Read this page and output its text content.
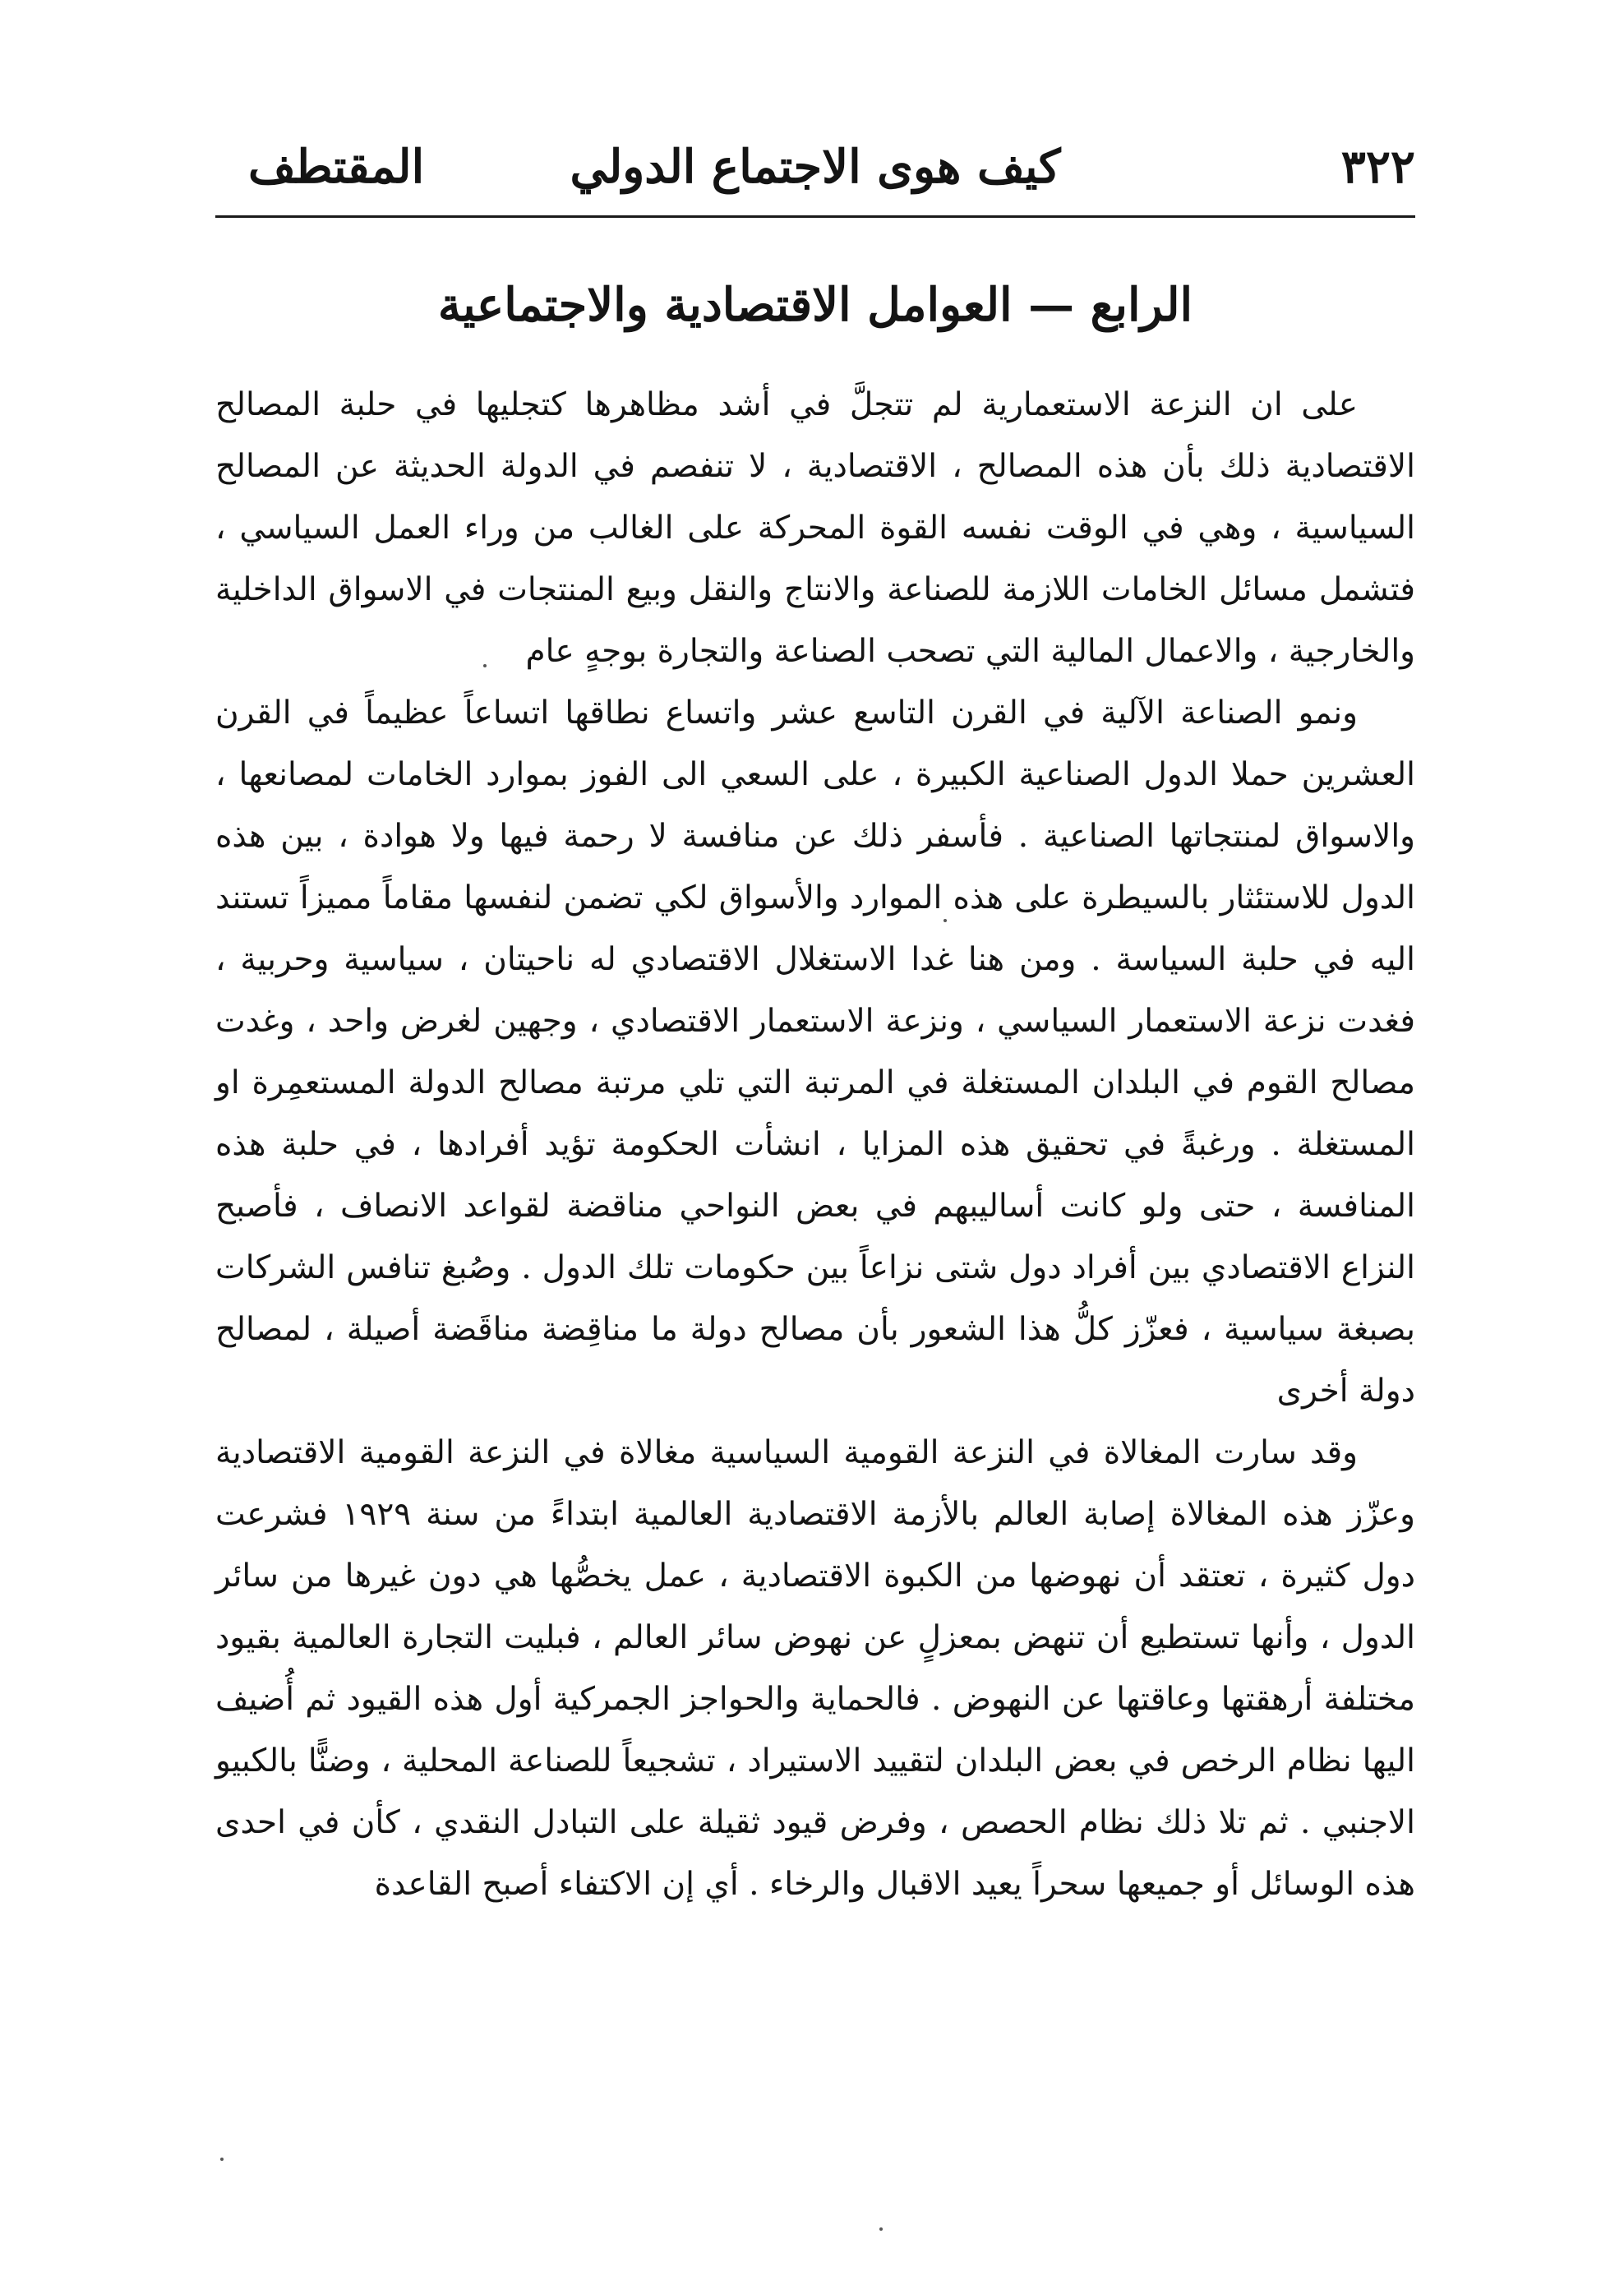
٣٢٢
كيف هوى الاجتماع الدولي
المقتطف
الرابع — العوامل الاقتصادية والاجتماعية

على ان النزعة الاستعمارية لم تتجلَّ في أشد مظاهرها كتجليها في حلبة المصالح الاقتصادية ذلك بأن هذه المصالح ، الاقتصادية ، لا تنفصم في الدولة الحديثة عن المصالح السياسية ، وهي في الوقت نفسه القوة المحركة على الغالب من وراء العمل السياسي ، فتشمل مسائل الخامات اللازمة للصناعة والانتاج والنقل وبيع المنتجات في الاسواق الداخلية والخارجية ، والاعمال المالية التي تصحب الصناعة والتجارة بوجهٍ عام

ونمو الصناعة الآلية في القرن التاسع عشر واتساع نطاقها اتساعاً عظيماً في القرن العشرين حملا الدول الصناعية الكبيرة ، على السعي الى الفوز بموارد الخامات لمصانعها ، والاسواق لمنتجاتها الصناعية . فأسفر ذلك عن منافسة لا رحمة فيها ولا هوادة ، بين هذه الدول للاستئثار بالسيطرة على هذه الموارد والأسواق لكي تضمن لنفسها مقاماً مميزاً تستند اليه في حلبة السياسة . ومن هنا غدا الاستغلال الاقتصادي له ناحيتان ، سياسية وحربية ، فغدت نزعة الاستعمار السياسي ، ونزعة الاستعمار الاقتصادي ، وجهين لغرض واحد ، وغدت مصالح القوم في البلدان المستغلة في المرتبة التي تلي مرتبة مصالح الدولة المستعمِرة او المستغلة . ورغبةً في تحقيق هذه المزايا ، انشأت الحكومة تؤيد أفرادها ، في حلبة هذه المنافسة ، حتى ولو كانت أساليبهم في بعض النواحي مناقضة لقواعد الانصاف ، فأصبح النزاع الاقتصادي بين أفراد دول شتى نزاعاً بين حكومات تلك الدول . وصُبغ تنافس الشركات بصبغة سياسية ، فعزّز كلُّ هذا الشعور بأن مصالح دولة ما مناقِضة مناقَضة أصيلة ، لمصالح دولة أخرى

وقد سارت المغالاة في النزعة القومية السياسية مغالاة في النزعة القومية الاقتصادية وعزّز هذه المغالاة إصابة العالم بالأزمة الاقتصادية العالمية ابتداءً من سنة ١٩٢٩ فشرعت دول كثيرة ، تعتقد أن نهوضها من الكبوة الاقتصادية ، عمل يخصُّها هي دون غيرها من سائر الدول ، وأنها تستطيع أن تنهض بمعزلٍ عن نهوض سائر العالم ، فبليت التجارة العالمية بقيود مختلفة أرهقتها وعاقتها عن النهوض . فالحماية والحواجز الجمركية أول هذه القيود ثم أُضيف اليها نظام الرخص في بعض البلدان لتقييد الاستيراد ، تشجيعاً للصناعة المحلية ، وضنًّا بالكبيو الاجنبي . ثم تلا ذلك نظام الحصص ، وفرض قيود ثقيلة على التبادل النقدي ، كأن في احدى هذه الوسائل أو جميعها سحراً يعيد الاقبال والرخاء . أي إن الاكتفاء أصبح القاعدة
